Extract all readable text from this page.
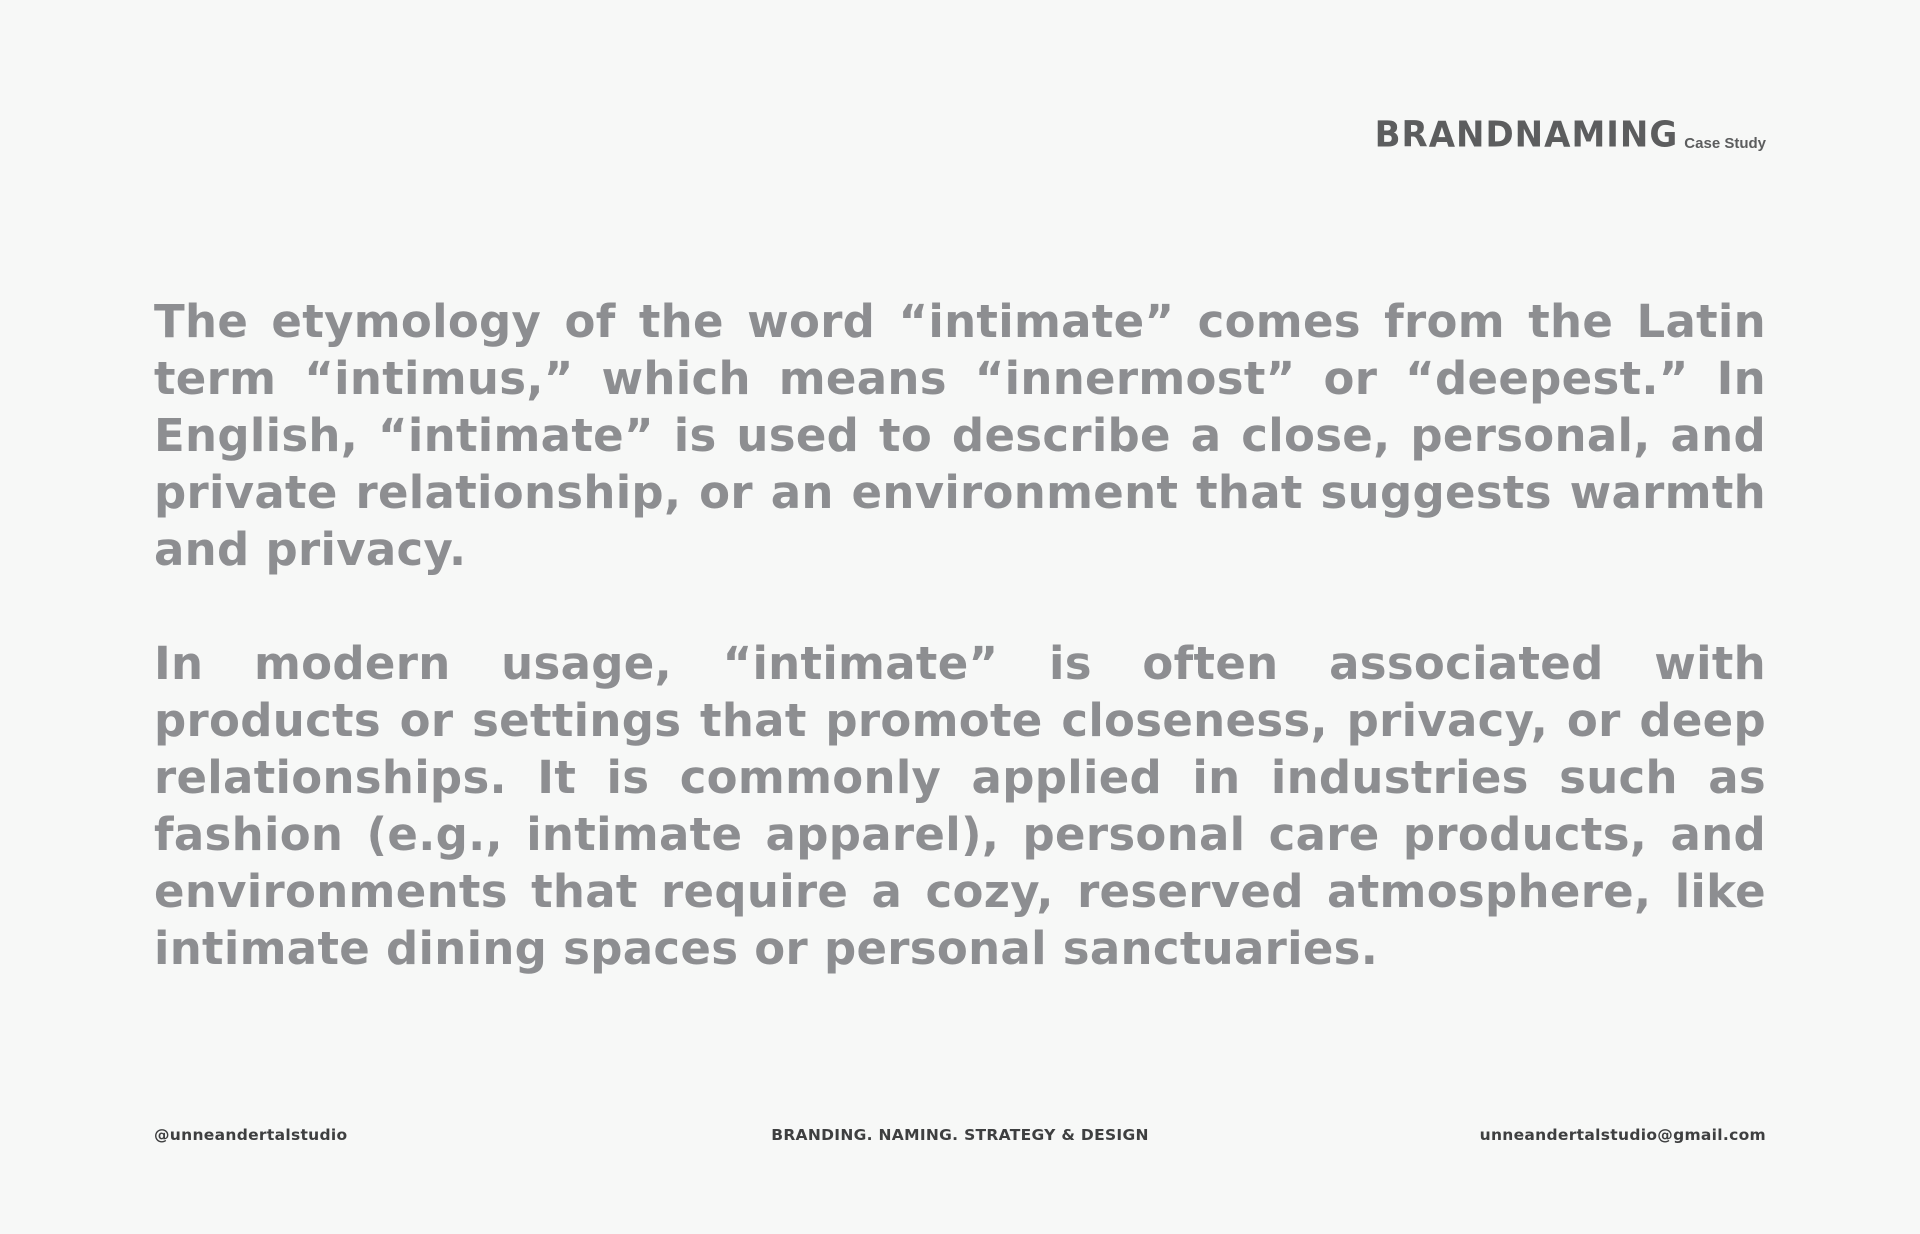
BRANDNAMING Case Study

The etymology of the word “intimate” comes from the Latin term “intimus,” which means “innermost” or “deepest.” In English, “intimate” is used to describe a close, personal, and private relationship, or an environment that suggests warmth and privacy.

In modern usage, “intimate” is often associated with products or settings that promote closeness, privacy, or deep relationships. It is commonly applied in industries such as fashion (e.g., intimate apparel), personal care products, and environments that require a cozy, reserved atmosphere, like intimate dining spaces or personal sanctuaries.

@unneandertalstudio	BRANDING. NAMING. STRATEGY & DESIGN	unneandertalstudio@gmail.com
